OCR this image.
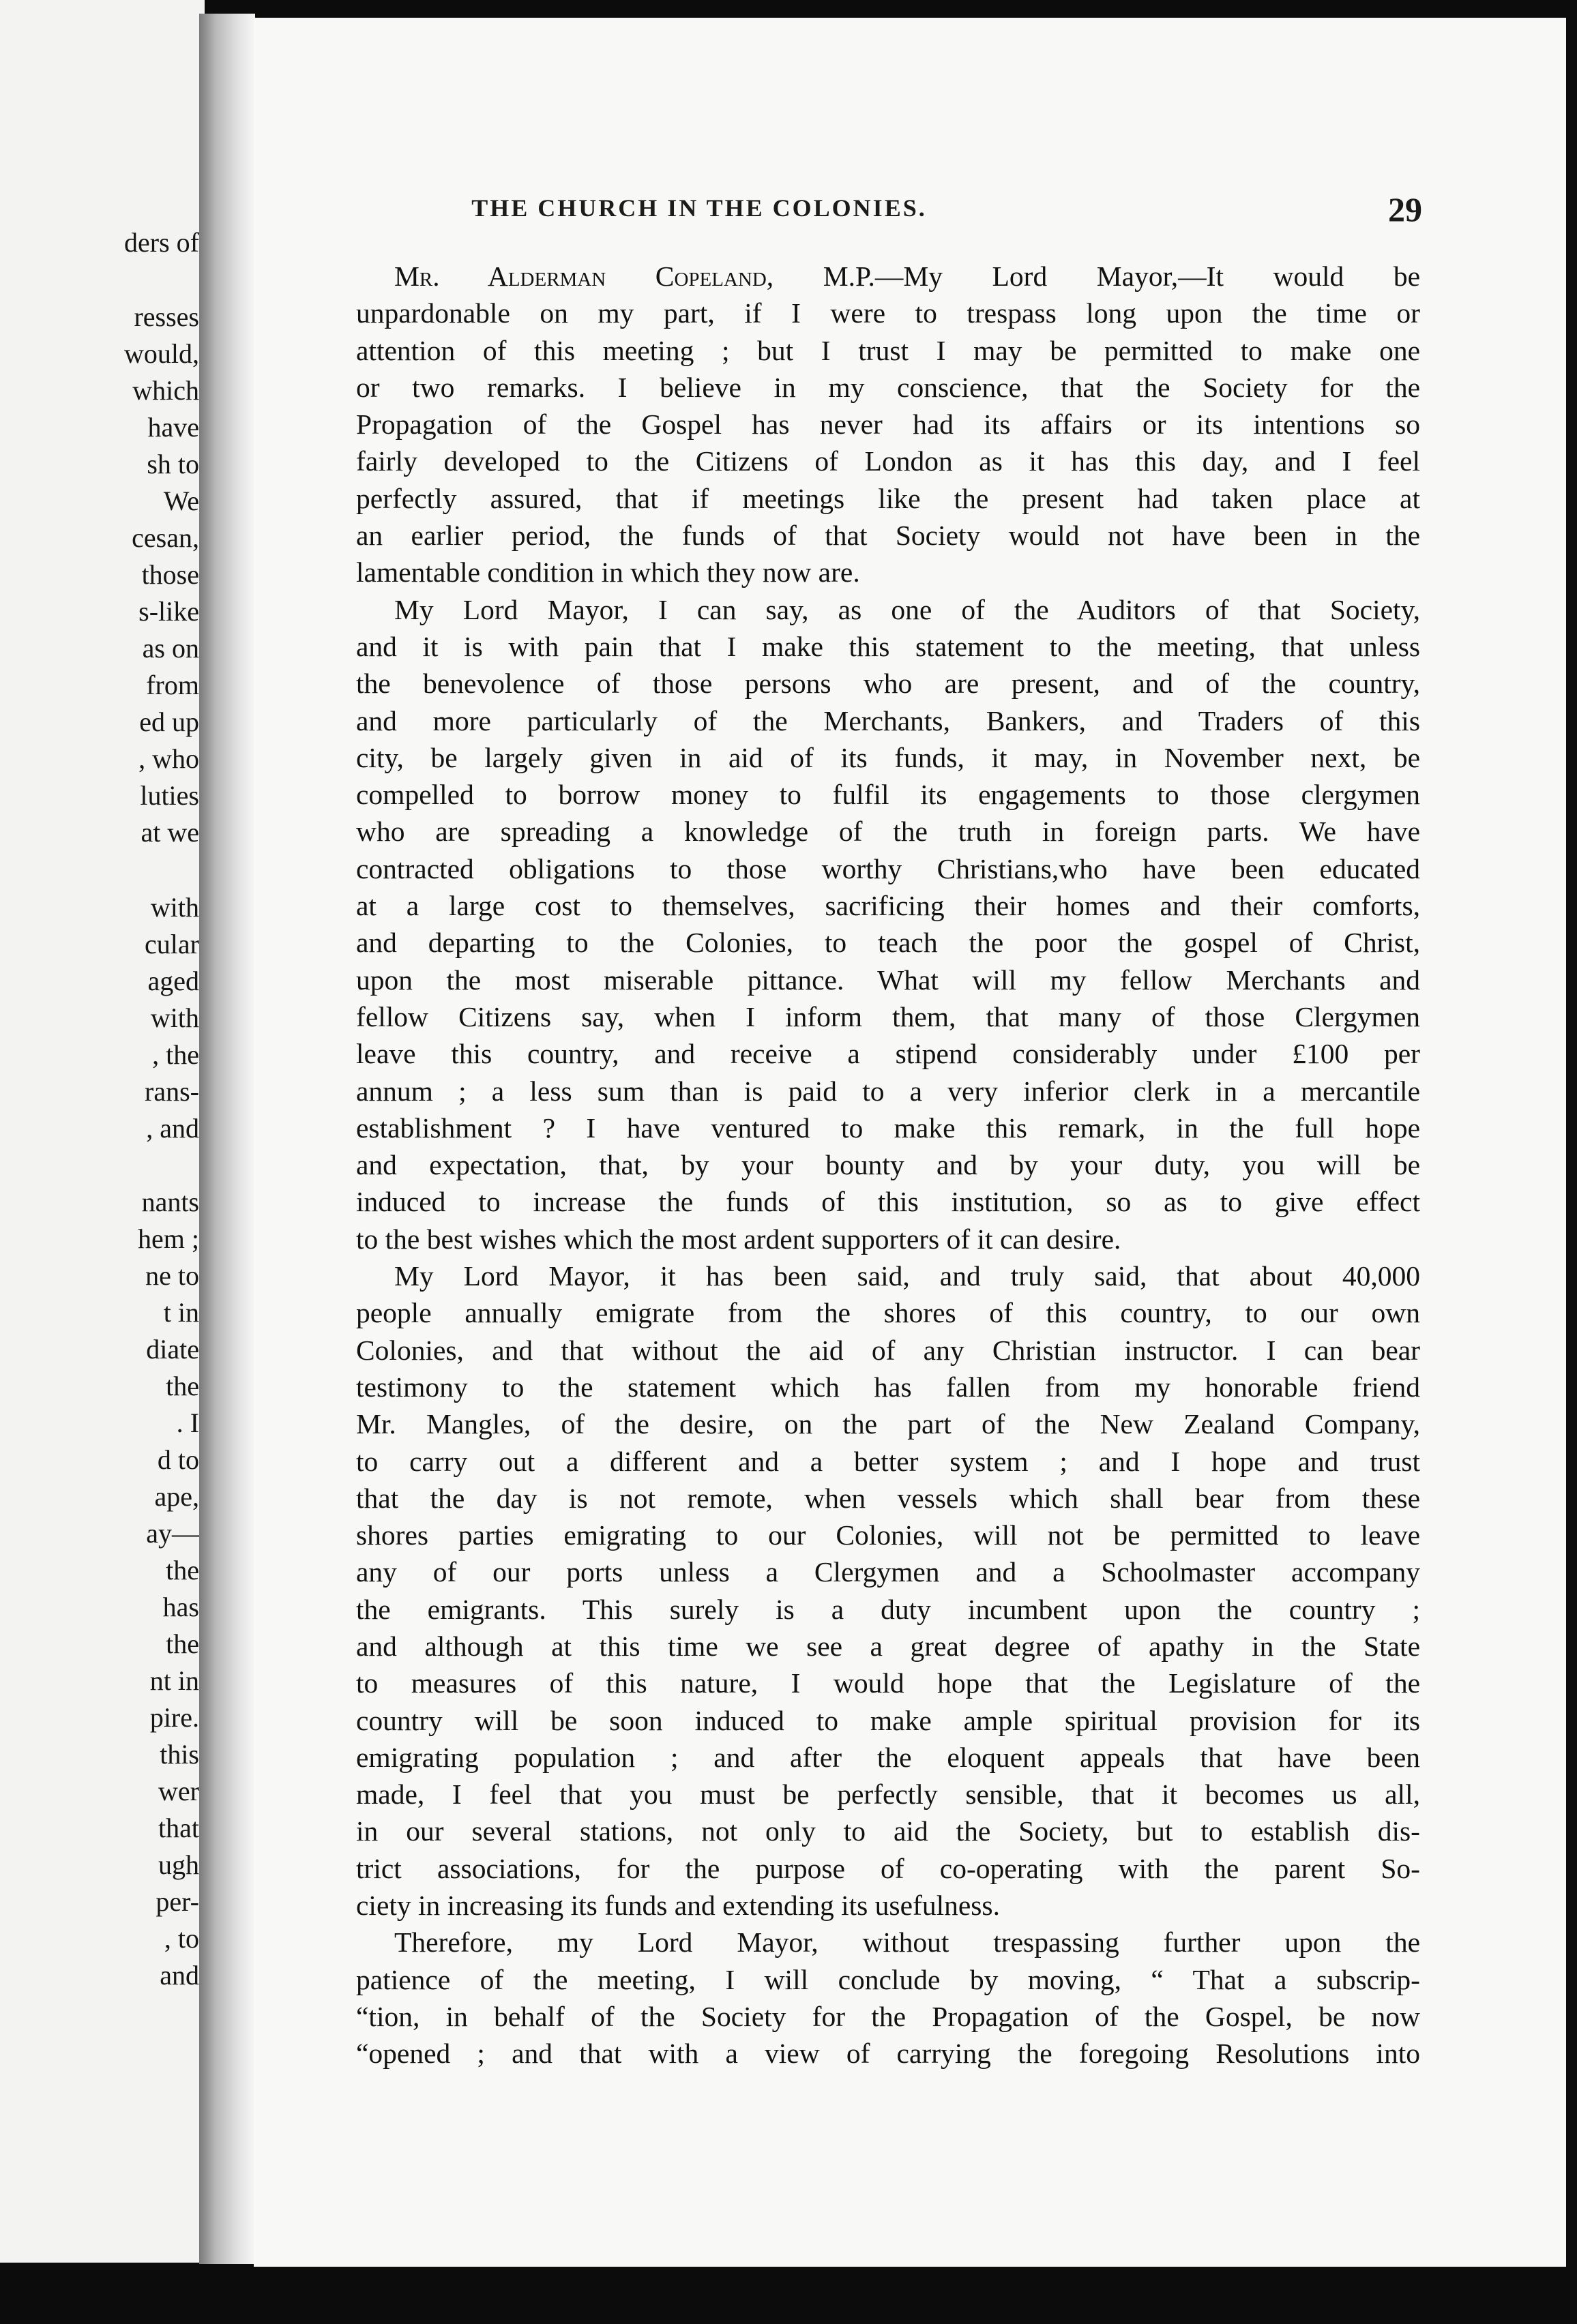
ders of
resses
would,
which
have
sh to
We
cesan,
those
s-like
as on
from
ed up
, who
luties
at we
with
cular
aged
with
, the
rans-
, and
nants
hem ;
ne to
t in
diate
the
. I
d to
ape,
ay—
the
has
the
nt in
pire.
this
wer
that
ugh
per-
, to
and
THE CHURCH IN THE COLONIES.	29
Mr. Alderman Copeland, M.P.—My Lord Mayor,—It would be
unpardonable on my part, if I were to trespass long upon the time or
attention of this meeting ; but I trust I may be permitted to make one
or two remarks. I believe in my conscience, that the Society for the
Propagation of the Gospel has never had its affairs or its intentions so
fairly developed to the Citizens of London as it has this day, and I feel
perfectly assured, that if meetings like the present had taken place at
an earlier period, the funds of that Society would not have been in the
lamentable condition in which they now are.
My Lord Mayor, I can say, as one of the Auditors of that Society,
and it is with pain that I make this statement to the meeting, that unless
the benevolence of those persons who are present, and of the country,
and more particularly of the Merchants, Bankers, and Traders of this
city, be largely given in aid of its funds, it may, in November next, be
compelled to borrow money to fulfil its engagements to those clergymen
who are spreading a knowledge of the truth in foreign parts. We have
contracted obligations to those worthy Christians,who have been educated
at a large cost to themselves, sacrificing their homes and their comforts,
and departing to the Colonies, to teach the poor the gospel of Christ,
upon the most miserable pittance. What will my fellow Merchants and
fellow Citizens say, when I inform them, that many of those Clergymen
leave this country, and receive a stipend considerably under £100 per
annum ; a less sum than is paid to a very inferior clerk in a mercantile
establishment ? I have ventured to make this remark, in the full hope
and expectation, that, by your bounty and by your duty, you will be
induced to increase the funds of this institution, so as to give effect
to the best wishes which the most ardent supporters of it can desire.
My Lord Mayor, it has been said, and truly said, that about 40,000
people annually emigrate from the shores of this country, to our own
Colonies, and that without the aid of any Christian instructor. I can bear
testimony to the statement which has fallen from my honorable friend
Mr. Mangles, of the desire, on the part of the New Zealand Company,
to carry out a different and a better system ; and I hope and trust
that the day is not remote, when vessels which shall bear from these
shores parties emigrating to our Colonies, will not be permitted to leave
any of our ports unless a Clergymen and a Schoolmaster accompany
the emigrants. This surely is a duty incumbent upon the country ;
and although at this time we see a great degree of apathy in the State
to measures of this nature, I would hope that the Legislature of the
country will be soon induced to make ample spiritual provision for its
emigrating population ; and after the eloquent appeals that have been
made, I feel that you must be perfectly sensible, that it becomes us all,
in our several stations, not only to aid the Society, but to establish dis-
trict associations, for the purpose of co-operating with the parent So-
ciety in increasing its funds and extending its usefulness.
Therefore, my Lord Mayor, without trespassing further upon the
patience of the meeting, I will conclude by moving, “ That a subscrip-
“tion, in behalf of the Society for the Propagation of the Gospel, be now
“opened ; and that with a view of carrying the foregoing Resolutions into
